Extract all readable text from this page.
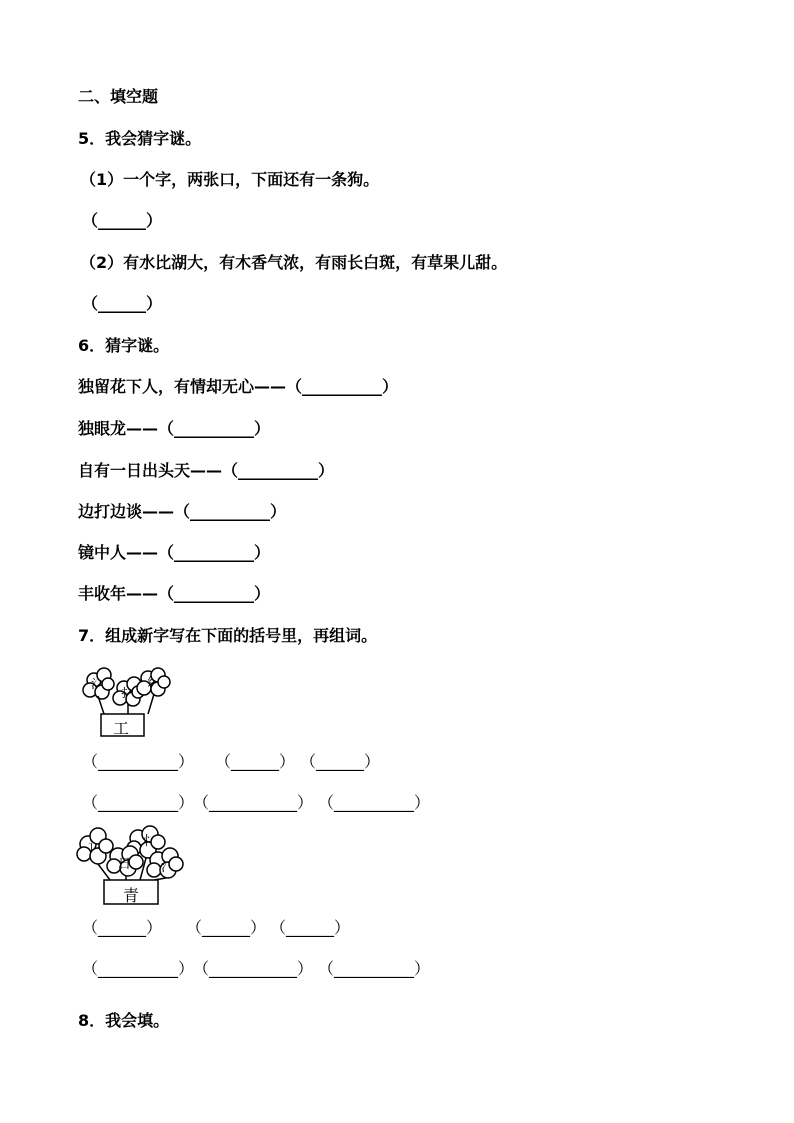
二、填空题
5．我会猜字谜。
（1）一个字，两张口，下面还有一条狗。
（______）
（2）有水比湖大，有木香气浓，有雨长白斑，有草果儿甜。
（______）
6．猜字谜。
独留花下人，有情却无心——（__________）
独眼龙——（__________）
自有一日出头天——（__________）
边打边谈——（__________）
镜中人——（__________）
丰收年——（__________）
7．组成新字写在下面的括号里，再组词。
氵
扌
纟
工
（__________） （______） （______）
（__________）
（___________） （__________）
讠	忄
日 氵
青
（______） （______） （______）
（__________）
（___________） （__________）
8．我会填。
